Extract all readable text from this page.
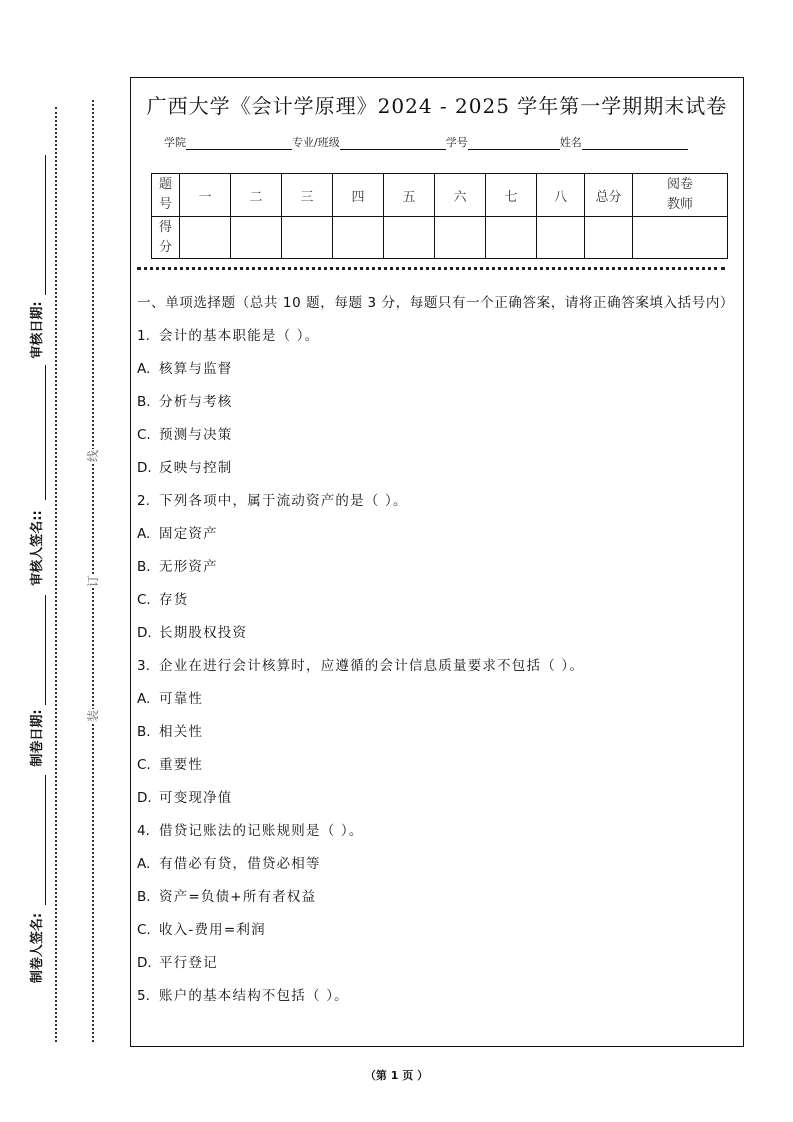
审核日期:
审核人签名::
制卷日期:
制卷人签名:
线
订
装
广西大学《会计学原理》2024 - 2025 学年第一学期期末试卷
学院	专业/班级	学号	姓名
题
号	一	二	三	四	五	六	七	八	总分	阅卷
教师
得
分										
一、单项选择题（总共 10 题，每题 3 分，每题只有一个正确答案，请将正确答案填入括号内）
1. 会计的基本职能是（ ）。
A. 核算与监督
B. 分析与考核
C. 预测与决策
D. 反映与控制
2. 下列各项中，属于流动资产的是（ ）。
A. 固定资产
B. 无形资产
C. 存货
D. 长期股权投资
3. 企业在进行会计核算时，应遵循的会计信息质量要求不包括（ ）。
A. 可靠性
B. 相关性
C. 重要性
D. 可变现净值
4. 借贷记账法的记账规则是（ ）。
A. 有借必有贷，借贷必相等
B. 资产=负债+所有者权益
C. 收入-费用=利润
D. 平行登记
5. 账户的基本结构不包括（ ）。
（第 1 页 ）
